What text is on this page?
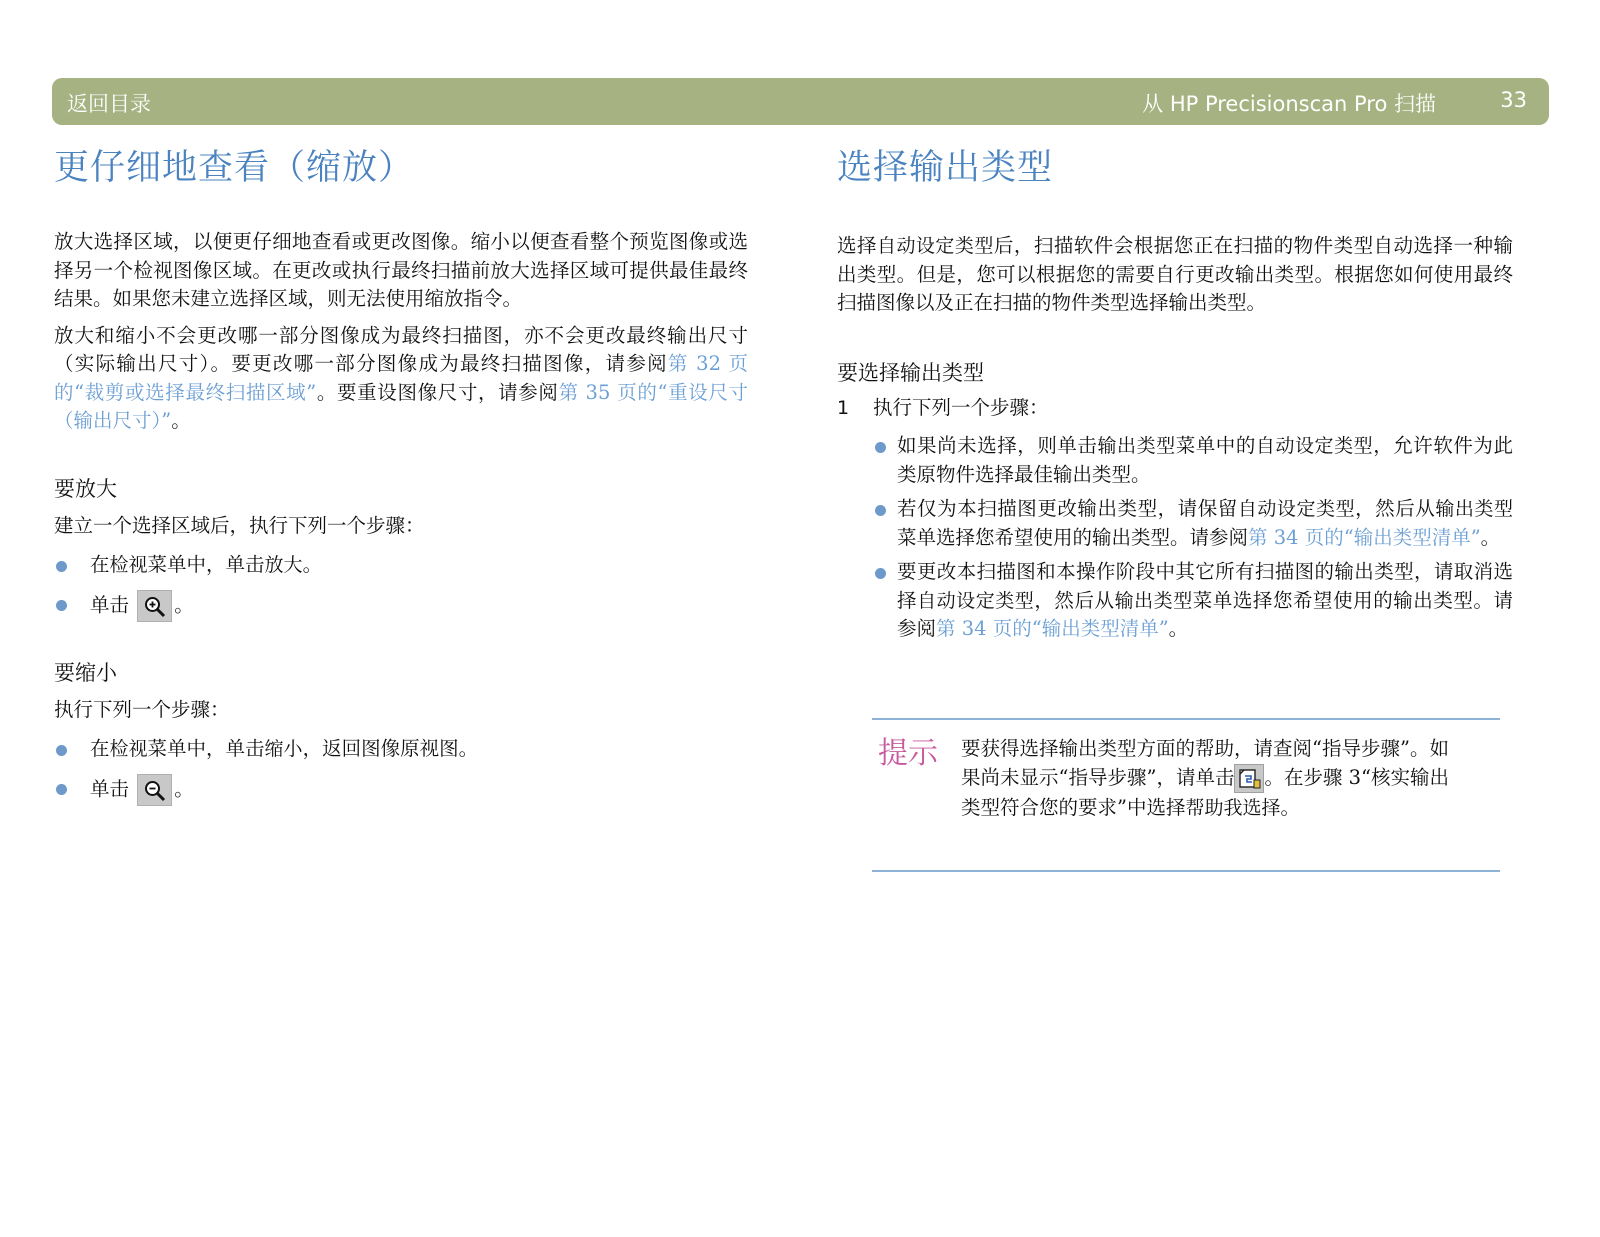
返回目录	从 HP Precisionscan Pro 扫描	33
更仔细地查看（缩放）

放大选择区域，以便更仔细地查看或更改图像。缩小以便查看整个预览图像或选择另一个检视图像区域。在更改或执行最终扫描前放大选择区域可提供最佳最终结果。如果您未建立选择区域，则无法使用缩放指令。

放大和缩小不会更改哪一部分图像成为最终扫描图，亦不会更改最终输出尺寸（实际输出尺寸）。要更改哪一部分图像成为最终扫描图像，请参阅第 32 页的“裁剪或选择最终扫描区域”。要重设图像尺寸，请参阅第 35 页的“重设尺寸（输出尺寸）”。

要放大

建立一个选择区域后，执行下列一个步骤：

在检视菜单中，单击放大。
单击 。
要缩小

执行下列一个步骤：

在检视菜单中，单击缩小，返回图像原视图。
单击 。
选择输出类型

选择自动设定类型后，扫描软件会根据您正在扫描的物件类型自动选择一种输出类型。但是，您可以根据您的需要自行更改输出类型。根据您如何使用最终扫描图像以及正在扫描的物件类型选择输出类型。

要选择输出类型
1 执行下列一个步骤：
如果尚未选择，则单击输出类型菜单中的自动设定类型，允许软件为此类原物件选择最佳输出类型。
若仅为本扫描图更改输出类型，请保留自动设定类型，然后从输出类型菜单选择您希望使用的输出类型。请参阅第 34 页的“输出类型清单”。
要更改本扫描图和本操作阶段中其它所有扫描图的输出类型，请取消选择自动设定类型，然后从输出类型菜单选择您希望使用的输出类型。请参阅第 34 页的“输出类型清单”。
提示 要获得选择输出类型方面的帮助，请查阅“指导步骤”。如果尚未显示“指导步骤”，请单击 。在步骤 3“核实输出类型符合您的要求”中选择帮助我选择。
